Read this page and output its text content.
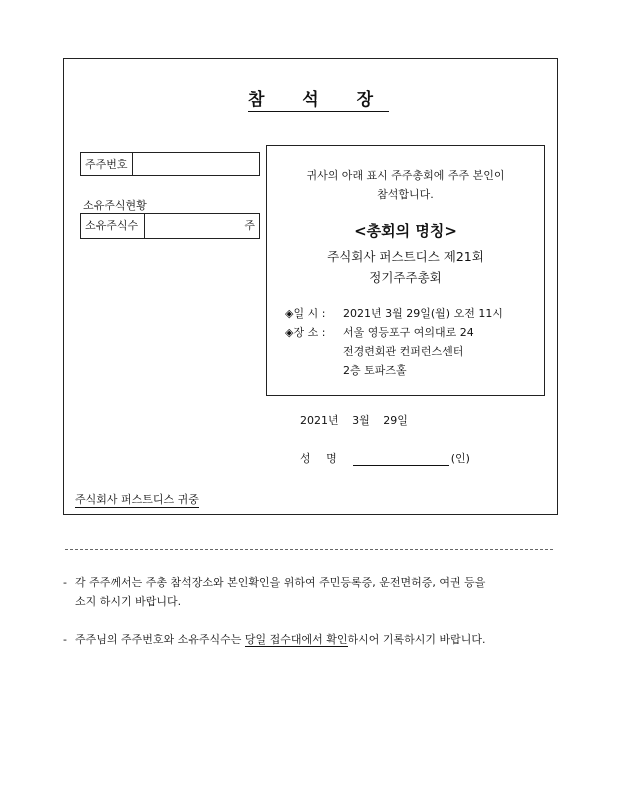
참 석 장
주주번호
소유주식현황
소유주식수	주
귀사의 아래 표시 주주총회에 주주 본인이
참석합니다.
<총회의 명칭>
주식회사 퍼스트디스 제21회
정기주주총회
◈일 시 :	2021년 3월 29일(월) 오전 11시
◈장 소 :	서울 영등포구 여의대로 24
전경련회관 컨퍼런스센터
2층 토파즈홀
2021년 3월 29일
성 명	(인)
주식회사 퍼스트디스 귀중
- 각 주주께서는 주총 참석장소와 본인확인을 위하여 주민등록증, 운전면허증, 여권 등을
소지 하시기 바랍니다.
- 주주님의 주주번호와 소유주식수는 당일 접수대에서 확인하시어 기록하시기 바랍니다.
